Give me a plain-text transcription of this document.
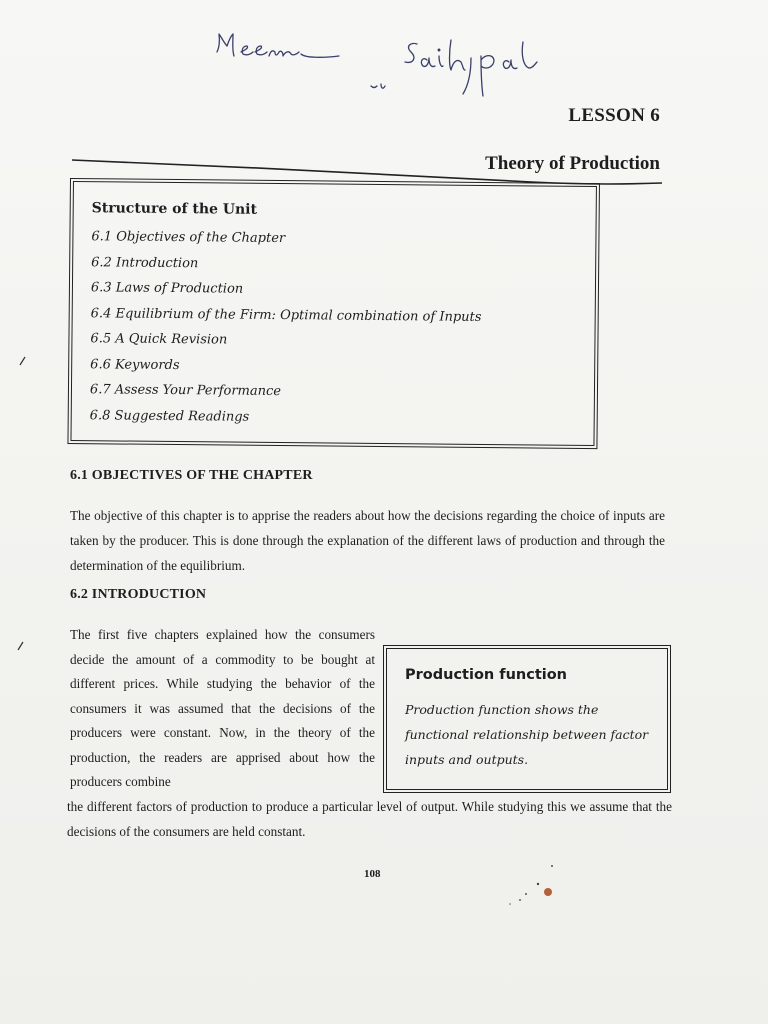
LESSON 6
Theory of Production
Structure of the Unit
6.1 Objectives of the Chapter
6.2 Introduction
6.3 Laws of Production
6.4 Equilibrium of the Firm: Optimal combination of Inputs
6.5 A Quick Revision
6.6 Keywords
6.7 Assess Your Performance
6.8 Suggested Readings
6.1 OBJECTIVES OF THE CHAPTER
The objective of this chapter is to apprise the readers about how the decisions regarding the choice of inputs are taken by the producer. This is done through the explanation of the different laws of production and through the determination of the equilibrium.
6.2 INTRODUCTION
The first five chapters explained how the consumers decide the amount of a commodity to be bought at different prices. While studying the behavior of the consumers it was assumed that the decisions of the producers were constant. Now, in the theory of the production, the readers are apprised about how the producers combine
Production function
Production function shows the functional relationship between factor inputs and outputs.
the different factors of production to produce a particular level of output. While studying this we assume that the decisions of the consumers are held constant.
108
